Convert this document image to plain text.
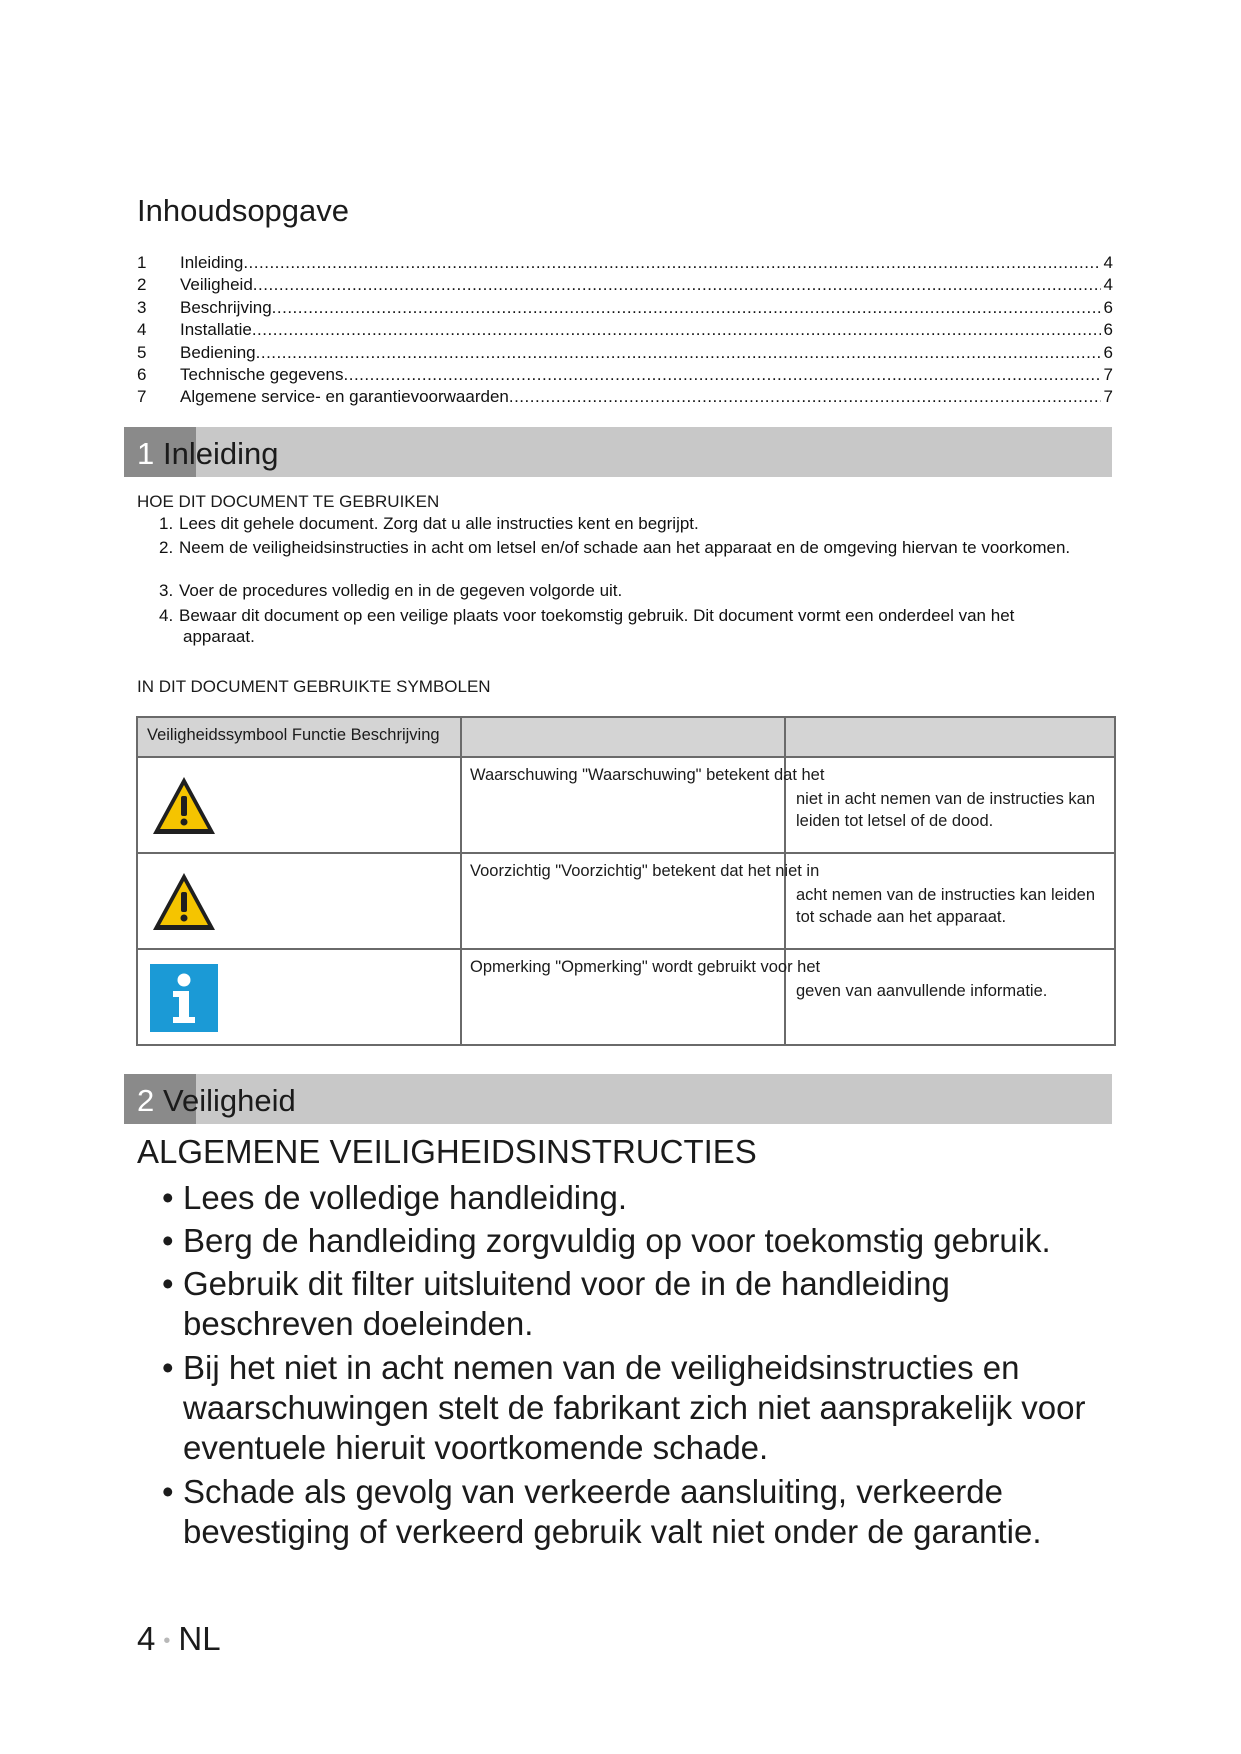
Inhoudsopgave
1 Inleiding .....	4
2 Veiligheid .....	4
3 Beschrijving .....	6
4 Installatie .....	6
5 Bediening .....	6
6 Technische gegevens .....	7
7 Algemene service- en garantievoorwaarden .....	7
1 Inleiding
HOE DIT DOCUMENT TE GEBRUIKEN
1. Lees dit gehele document. Zorg dat u alle instructies kent en begrijpt.
2. Neem de veiligheidsinstructies in acht om letsel en/of schade aan het apparaat en de omgeving hiervan te voorkomen.
3. Voer de procedures volledig en in de gegeven volgorde uit.
4. Bewaar dit document op een veilige plaats voor toekomstig gebruik. Dit document vormt een onderdeel van het apparaat.
IN DIT DOCUMENT GEBRUIKTE SYMBOLEN
Veiligheidssymbool Functie Beschrijving		

Waarschuwing "Waarschuwing" betekent dat het	niet in acht nemen van de instructies kan leiden tot letsel of de dood.

Voorzichtig "Voorzichtig" betekent dat het niet in	acht nemen van de instructies kan leiden tot schade aan het apparaat.

Opmerking "Opmerking" wordt gebruikt voor het	geven van aanvullende informatie.
2 Veiligheid
ALGEMENE VEILIGHEIDSINSTRUCTIES
• Lees de volledige handleiding.
• Berg de handleiding zorgvuldig op voor toekomstig gebruik.
• Gebruik dit filter uitsluitend voor de in de handleiding beschreven doeleinden.
• Bij het niet in acht nemen van de veiligheidsinstructies en waarschuwingen stelt de fabrikant zich niet aansprakelijk voor eventuele hieruit voortkomende schade.
• Schade als gevolg van verkeerde aansluiting, verkeerde bevestiging of verkeerd gebruik valt niet onder de garantie.
4 • NL
